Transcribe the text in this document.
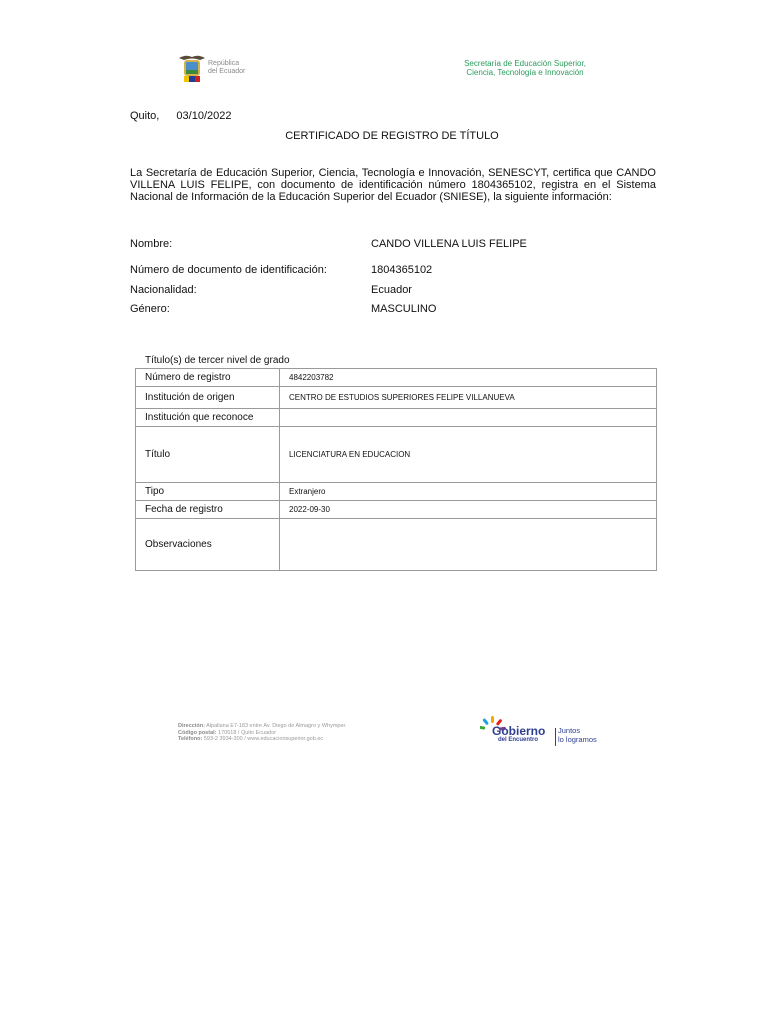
República
del Ecuador
Secretaría de Educación Superior,
Ciencia, Tecnología e Innovación
Quito, 03/10/2022
CERTIFICADO DE REGISTRO DE TÍTULO
La Secretaría de Educación Superior, Ciencia, Tecnología e Innovación, SENESCYT, certifica que CANDO VILLENA LUIS FELIPE, con documento de identificación número 1804365102, registra en el Sistema Nacional de Información de la Educación Superior del Ecuador (SNIESE), la siguiente información:
Nombre:	CANDO VILLENA LUIS FELIPE
Número de documento de identificación:	1804365102
Nacionalidad:	Ecuador
Género:	MASCULINO
Título(s) de tercer nivel de grado
Número de registro	4842203782
Institución de origen	CENTRO DE ESTUDIOS SUPERIORES FELIPE VILLANUEVA
Institución que reconoce	
Título	LICENCIATURA EN EDUCACION
Tipo	Extranjero
Fecha de registro	2022-09-30
Observaciones	
Dirección: Alpallana E7-183 entre Av. Diego de Almagro y Whymper.
Código postal: 170518 / Quito Ecuador
Teléfono: 593-2 3934-300 / www.educacionsuperior.gob.ec
Gobierno
del Encuentro
Juntos
lo logramos
